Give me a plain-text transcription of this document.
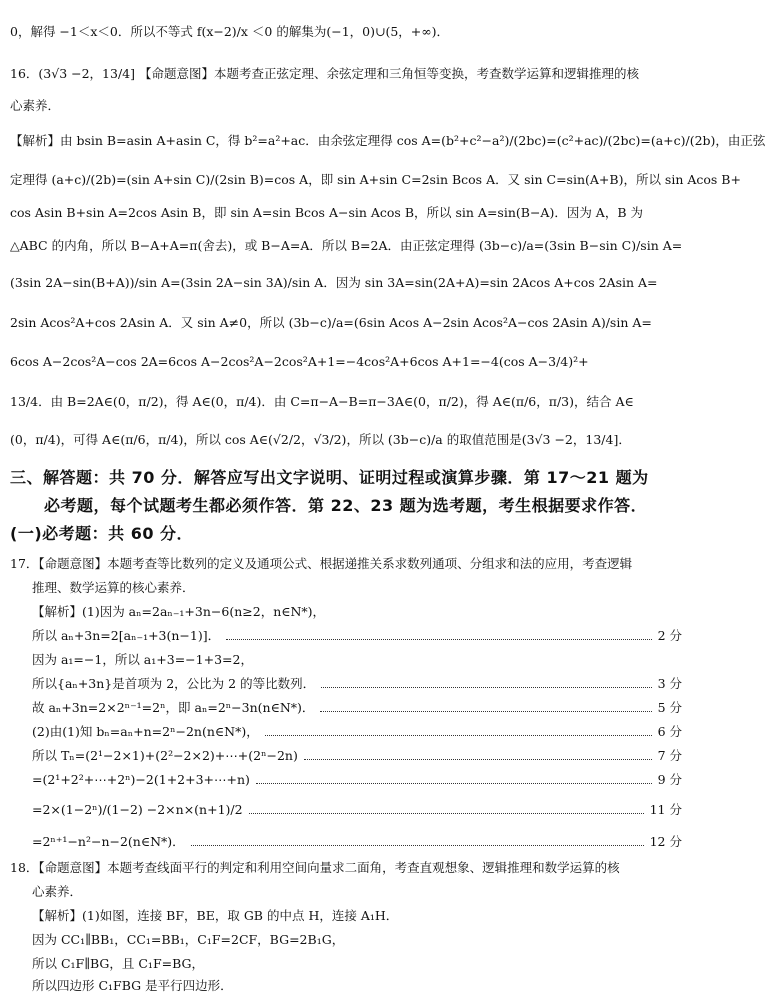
0，解得 −1＜x＜0．所以不等式 f(x−2)/x ＜0 的解集为(−1，0)∪(5，+∞)．
16．(3√3 −2，13/4] 【命题意图】本题考查正弦定理、余弦定理和三角恒等变换，考查数学运算和逻辑推理的核
心素养．
【解析】由 bsin B=asin A+asin C，得 b²=a²+ac．由余弦定理得 cos A=(b²+c²−a²)/(2bc)=(c²+ac)/(2bc)=(a+c)/(2b)，由正弦
定理得 (a+c)/(2b)=(sin A+sin C)/(2sin B)=cos A，即 sin A+sin C=2sin Bcos A．又 sin C=sin(A+B)，所以 sin Acos B+
cos Asin B+sin A=2cos Asin B，即 sin A=sin Bcos A−sin Acos B，所以 sin A=sin(B−A)．因为 A，B 为
△ABC 的内角，所以 B−A+A=π(舍去)，或 B−A=A．所以 B=2A．由正弦定理得 (3b−c)/a=(3sin B−sin C)/sin A=
(3sin 2A−sin(B+A))/sin A=(3sin 2A−sin 3A)/sin A．因为 sin 3A=sin(2A+A)=sin 2Acos A+cos 2Asin A=
2sin Acos²A+cos 2Asin A．又 sin A≠0，所以 (3b−c)/a=(6sin Acos A−2sin Acos²A−cos 2Asin A)/sin A=
6cos A−2cos²A−cos 2A=6cos A−2cos²A−2cos²A+1=−4cos²A+6cos A+1=−4(cos A−3/4)²+
13/4．由 B=2A∈(0，π/2)，得 A∈(0，π/4)．由 C=π−A−B=π−3A∈(0，π/2)，得 A∈(π/6，π/3)，结合 A∈
(0，π/4)，可得 A∈(π/6，π/4)，所以 cos A∈(√2/2，√3/2)，所以 (3b−c)/a 的取值范围是(3√3 −2，13/4]．
三、解答题：共 70 分．解答应写出文字说明、证明过程或演算步骤．第 17～21 题为
必考题，每个试题考生都必须作答．第 22、23 题为选考题，考生根据要求作答．
(一)必考题：共 60 分．
17．【命题意图】本题考查等比数列的定义及通项公式、根据递推关系求数列通项、分组求和法的应用，考查逻辑
推理、数学运算的核心素养．
【解析】(1)因为 aₙ=2aₙ₋₁+3n−6(n≥2，n∈N*)，
所以 aₙ+3n=2[aₙ₋₁+3(n−1)]．	2 分
因为 a₁=−1，所以 a₁+3=−1+3=2，
所以{aₙ+3n}是首项为 2，公比为 2 的等比数列．	3 分
故 aₙ+3n=2×2ⁿ⁻¹=2ⁿ，即 aₙ=2ⁿ−3n(n∈N*)．	5 分
(2)由(1)知 bₙ=aₙ+n=2ⁿ−2n(n∈N*)，	6 分
所以 Tₙ=(2¹−2×1)+(2²−2×2)+⋯+(2ⁿ−2n)	7 分
=(2¹+2²+⋯+2ⁿ)−2(1+2+3+⋯+n)	9 分
=2×(1−2ⁿ)/(1−2) −2×n×(n+1)/2	11 分
=2ⁿ⁺¹−n²−n−2(n∈N*)．	12 分
18．【命题意图】本题考查线面平行的判定和利用空间向量求二面角，考查直观想象、逻辑推理和数学运算的核
心素养．
【解析】(1)如图，连接 BF，BE，取 GB 的中点 H，连接 A₁H．
因为 CC₁∥BB₁，CC₁=BB₁，C₁F=2CF，BG=2B₁G，
所以 C₁F∥BG，且 C₁F=BG，
所以四边形 C₁FBG 是平行四边形．
